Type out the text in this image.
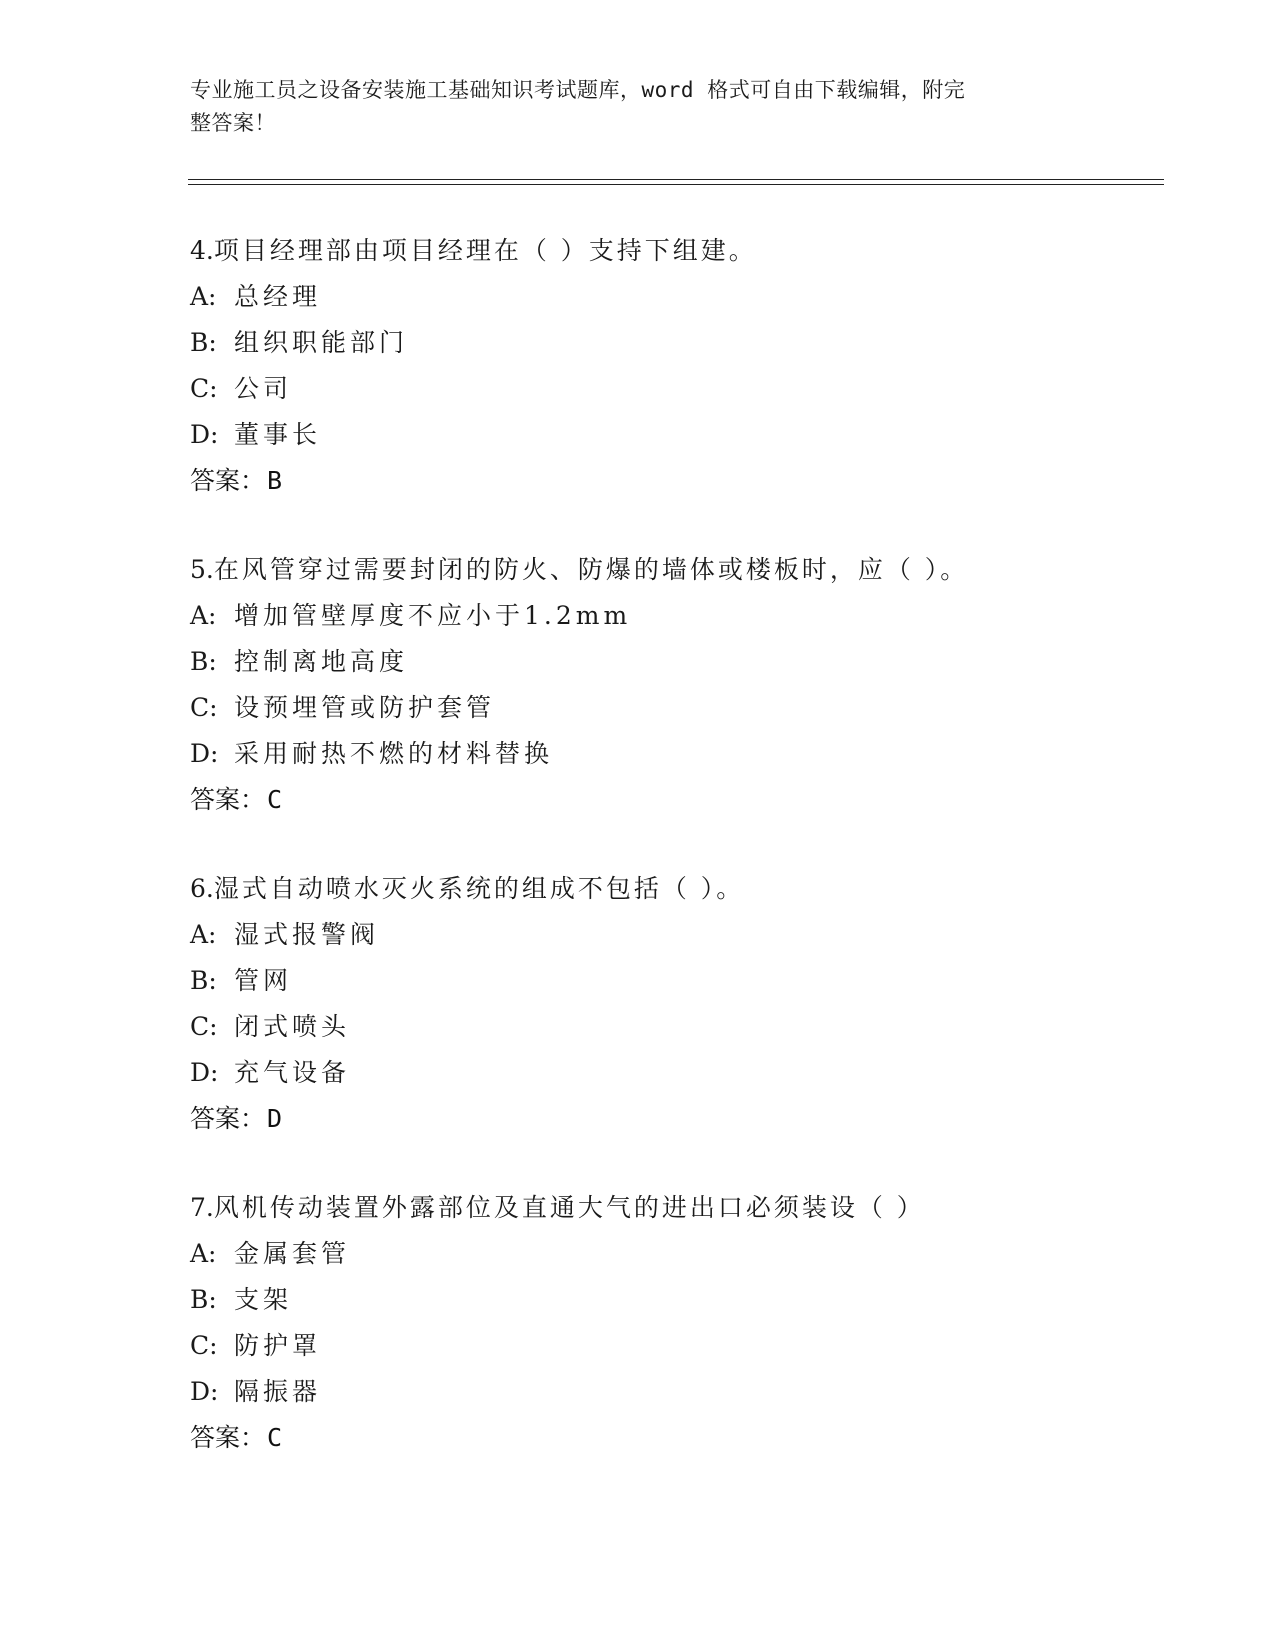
专业施工员之设备安装施工基础知识考试题库，word 格式可自由下载编辑，附完
整答案！
4.项目经理部由项目经理在（ ）支持下组建。
A: 总经理
B: 组织职能部门
C: 公司
D: 董事长
答案：B
5.在风管穿过需要封闭的防火、防爆的墙体或楼板时，应（ ）。
A: 增加管壁厚度不应小于1.2mm
B: 控制离地高度
C: 设预埋管或防护套管
D: 采用耐热不燃的材料替换
答案：C
6.湿式自动喷水灭火系统的组成不包括（ ）。
A: 湿式报警阀
B: 管网
C: 闭式喷头
D: 充气设备
答案：D
7.风机传动装置外露部位及直通大气的进出口必须装设（ ）
A: 金属套管
B: 支架
C: 防护罩
D: 隔振器
答案：C
